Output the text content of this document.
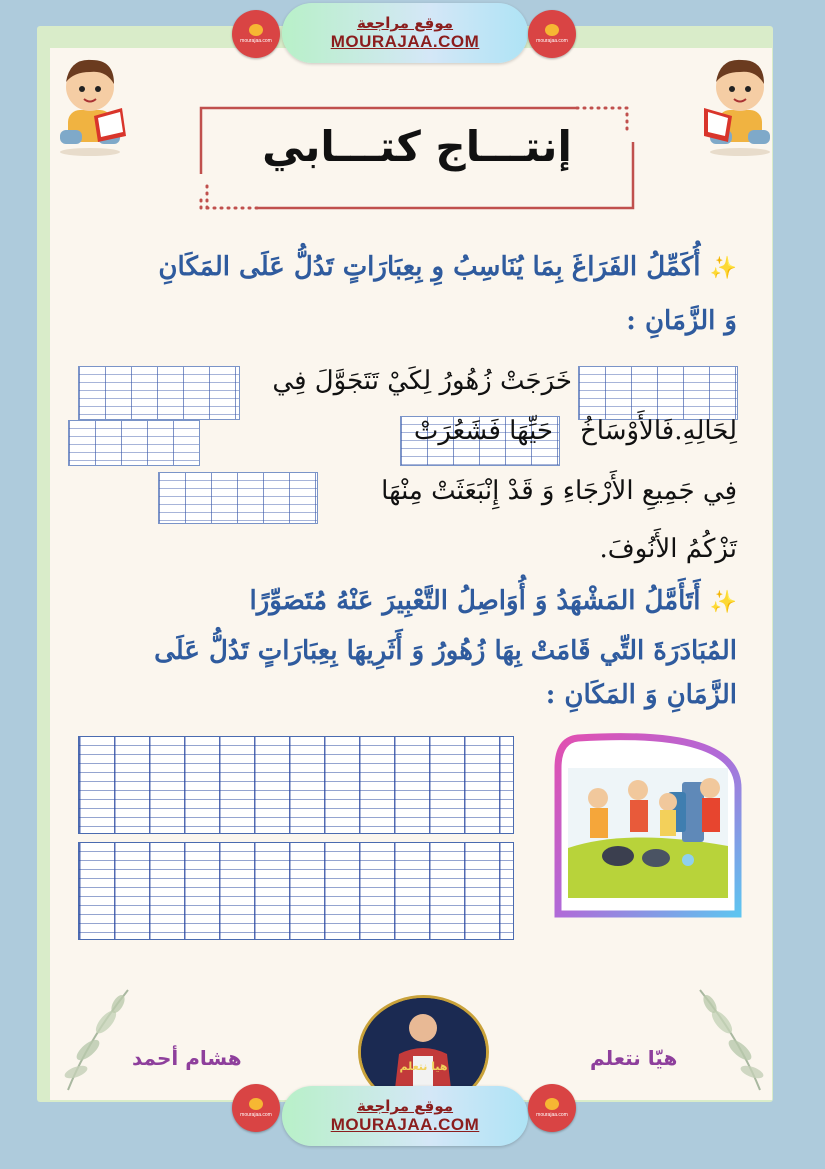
mourajaa.com
موقع مراجعة
MOURAJAA.COM	mourajaa.com
إنتـــاج كتـــابي
✨ أُكَمِّلُ الفَرَاغَ بِمَا يُنَاسِبُ وِ بِعِبَارَاتٍ تَدُلُّ عَلَى المَكَانِ
وَ الزَّمَانِ :
خَرَجَتْ زُهُورُ لِكَيْ تَتَجَوَّلَ فِي
لِحَالِهِ.فَالأَوْسَاخُ
حَيِّهَا فَشَعُرَتْ
فِي جَمِيعِ الأَرْجَاءِ وَ قَدْ إِنْبَعَثَتْ مِنْهَا
تَزْكُمُ الأَنُوفَ.
✨ أَتَأَمَّلُ المَشْهَدُ وَ أُوَاصِلُ التَّعْبِيرَ عَنْهُ مُتَصَوِّرًا
المُبَادَرَةَ التِّي قَامَتْ بِهَا زُهُورُ وَ أَثَرِيهَا بِعِبَارَاتٍ تَدُلُّ عَلَى
الزَّمَانِ وَ المَكَانِ :
هشام أحمد	هيّا نتعلم
هيا نتعلم
mourajaa.com	موقع مراجعة
MOURAJAA.COM	mourajaa.com
